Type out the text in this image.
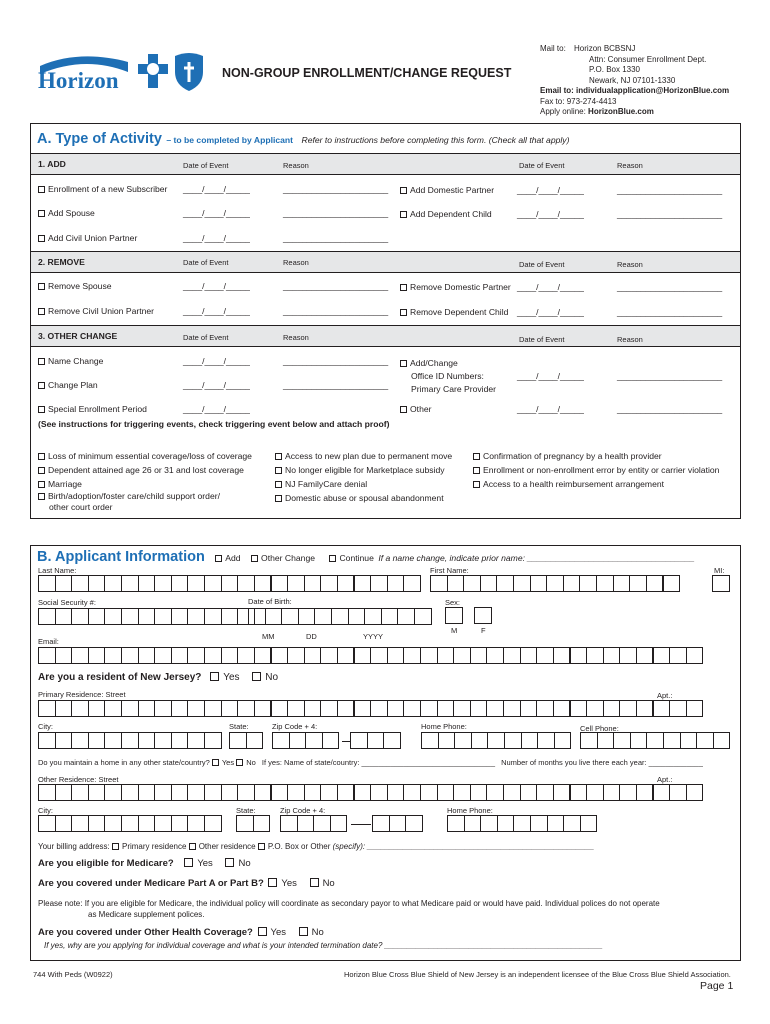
Horizon	NON-GROUP ENROLLMENT/CHANGE REQUEST
Mail to: Horizon BCBSNJ
Attn: Consumer Enrollment Dept.
P.O. Box 1330
Newark, NJ 07101-1330
Email to: individualapplication@HorizonBlue.com
Fax to: 973-274-4413
Apply online: HorizonBlue.com
A. Type of Activity – to be completed by Applicant Refer to instructions before completing this form. (Check all that apply)
1. ADD	Date of Event	Reason	Date of Event	Reason
Enrollment of a new Subscriber ____/____/_____	______________________	Add Domestic Partner	____/____/_____	______________________
Add Spouse	____/____/_____	______________________	Add Dependent Child	____/____/_____	______________________
Add Civil Union Partner	____/____/_____	______________________
2. REMOVE	Date of Event	Reason	Date of Event	Reason
Remove Spouse	____/____/_____	______________________	Remove Domestic Partner ____/____/_____	______________________
Remove Civil Union Partner	____/____/_____	______________________	Remove Dependent Child ____/____/_____	______________________
3. OTHER CHANGE	Date of Event	Reason	Date of Event	Reason
Name Change	____/____/_____	______________________
Change Plan	____/____/_____	______________________
Add/Change
Office ID Numbers:
Primary Care Provider
____/____/_____	______________________
Special Enrollment Period	____/____/_____	Other	____/____/_____	______________________
(See instructions for triggering events, check triggering event below and attach proof)
Loss of minimum essential coverage/loss of coverage
Dependent attained age 26 or 31 and lost coverage
Marriage
Birth/adoption/foster care/child support order/
other court order
Access to new plan due to permanent move
No longer eligible for Marketplace subsidy
NJ FamilyCare denial
Domestic abuse or spousal abandonment
Confirmation of pregnancy by a health provider
Enrollment or non-enrollment error by entity or carrier violation
Access to a health reimbursement arrangement
B. Applicant Information Add Other Change	Continue If a name change, indicate prior name: ___________________________________
Last Name:	First Name:	MI:
Social Security #:	Date of Birth:	Sex:
MM	DD	YYYY
M	F
Email:
Are you a resident of New Jersey? Yes	No
Primary Residence: Street	Apt.:
City:	State:	Zip Code + 4:	Home Phone:	Cell Phone:
Do you maintain a home in any other state/country? Yes No If yes: Name of state/country: ________________________________ Number of months you live there each year: _____________
Other Residence: Street	Apt.:
City:	State:	Zip Code + 4:	Home Phone:
Your billing address: Primary residence Other residence P.O. Box or Other (specify): ___________________________________________________
Are you eligible for Medicare? Yes	No
Are you covered under Medicare Part A or Part B? Yes	No
Please note: If you are eligible for Medicare, the individual policy will coordinate as secondary payor to what Medicare paid or would have paid. Individual polices do not operate
as Medicare supplement polices.
Are you covered under Other Health Coverage? Yes	No
If yes, why are you applying for individual coverage and what is your intended termination date? _________________________________________________
744 With Peds (W0922)	Horizon Blue Cross Blue Shield of New Jersey is an independent licensee of the Blue Cross Blue Shield Association.
Page 1
